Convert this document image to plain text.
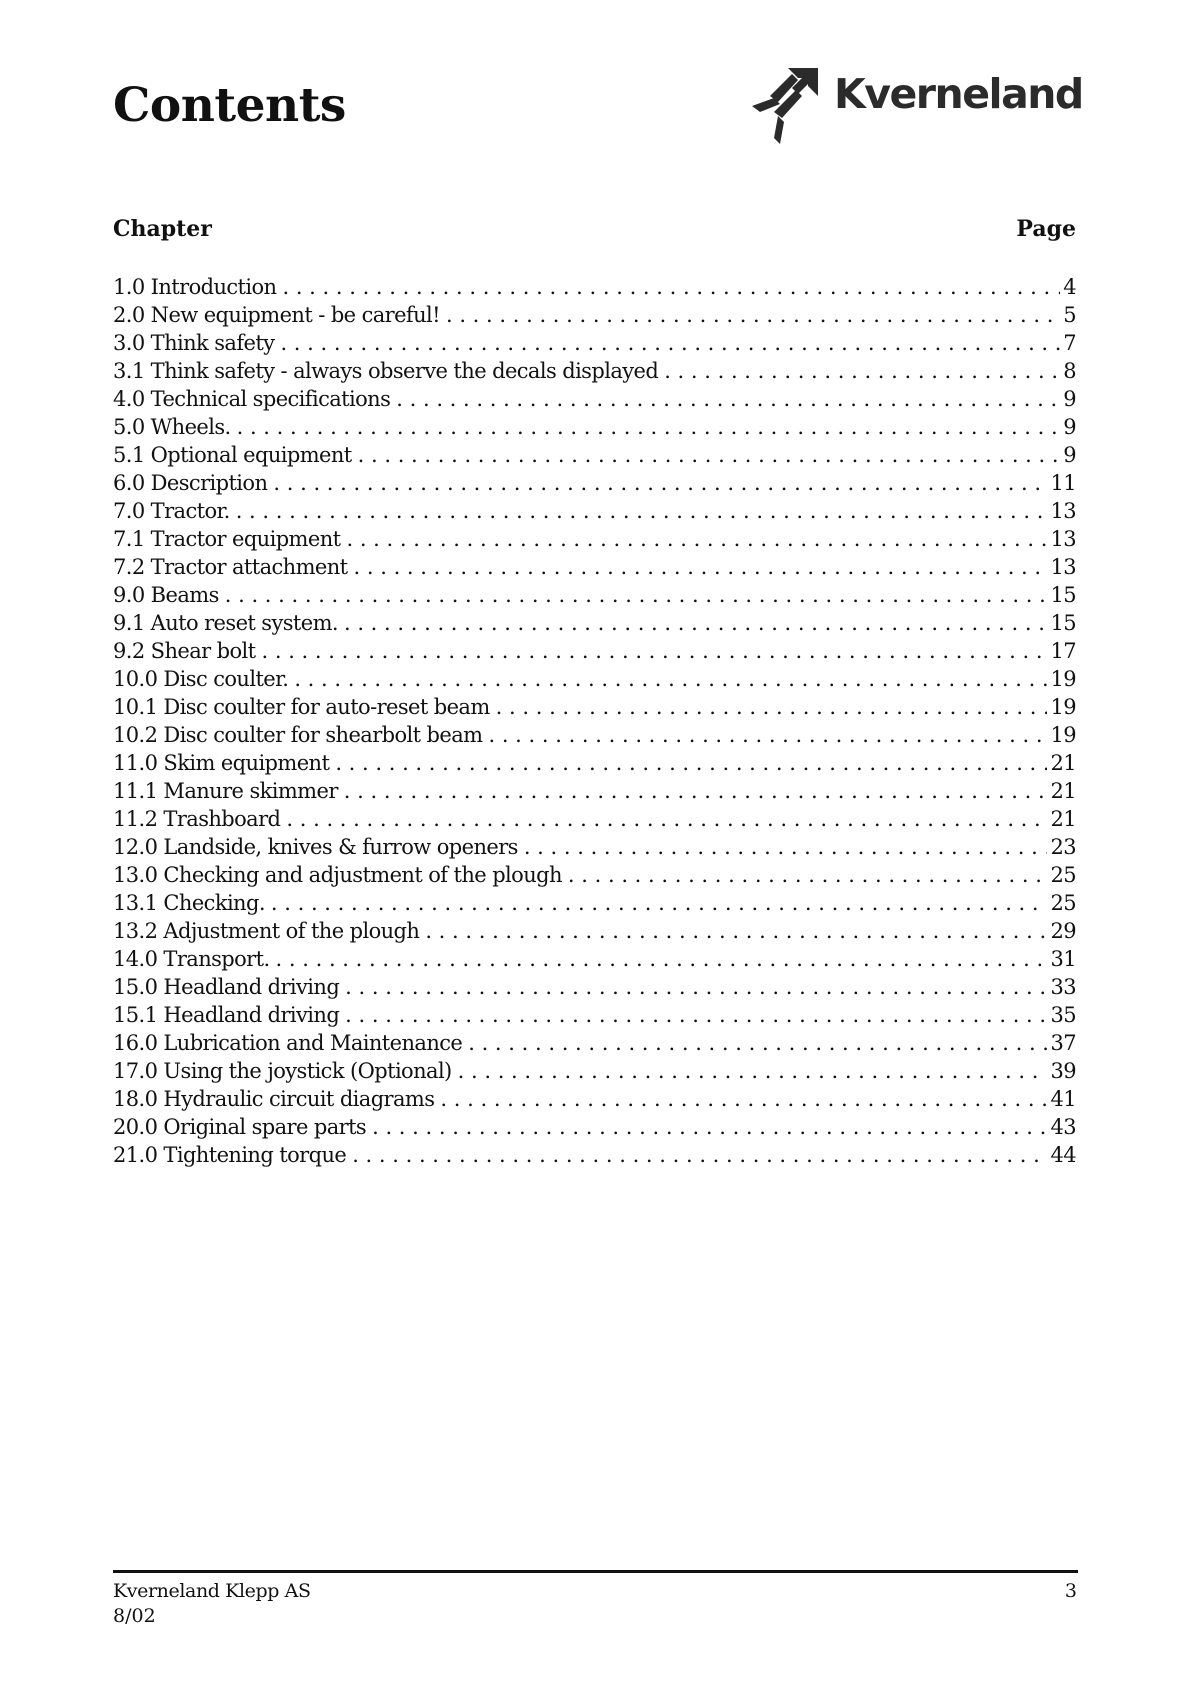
Contents	Kverneland
Chapter	Page
1.0 Introduction . . .	4
2.0 New equipment - be careful! . . .	5
3.0 Think safety . . .	7
3.1 Think safety - always observe the decals displayed . . .	8
4.0 Technical specifications . . .	9
5.0 Wheels. . . .	9
5.1 Optional equipment . . .	9
6.0 Description . . .	11
7.0 Tractor. . . .	13
7.1 Tractor equipment . . .	13
7.2 Tractor attachment . . .	13
9.0 Beams . . .	15
9.1 Auto reset system. . . .	15
9.2 Shear bolt . . .	17
10.0 Disc coulter. . . .	19
10.1 Disc coulter for auto-reset beam . . .	19
10.2 Disc coulter for shearbolt beam . . .	19
11.0 Skim equipment . . .	21
11.1 Manure skimmer . . .	21
11.2 Trashboard . . .	21
12.0 Landside, knives & furrow openers . . .	23
13.0 Checking and adjustment of the plough . . .	25
13.1 Checking. . . .	25
13.2 Adjustment of the plough . . .	29
14.0 Transport. . . .	31
15.0 Headland driving . . .	33
15.1 Headland driving . . .	35
16.0 Lubrication and Maintenance . . .	37
17.0 Using the joystick (Optional) . . .	39
18.0 Hydraulic circuit diagrams . . .	41
20.0 Original spare parts . . .	43
21.0 Tightening torque . . .	44
Kverneland Klepp AS
8/02
3
